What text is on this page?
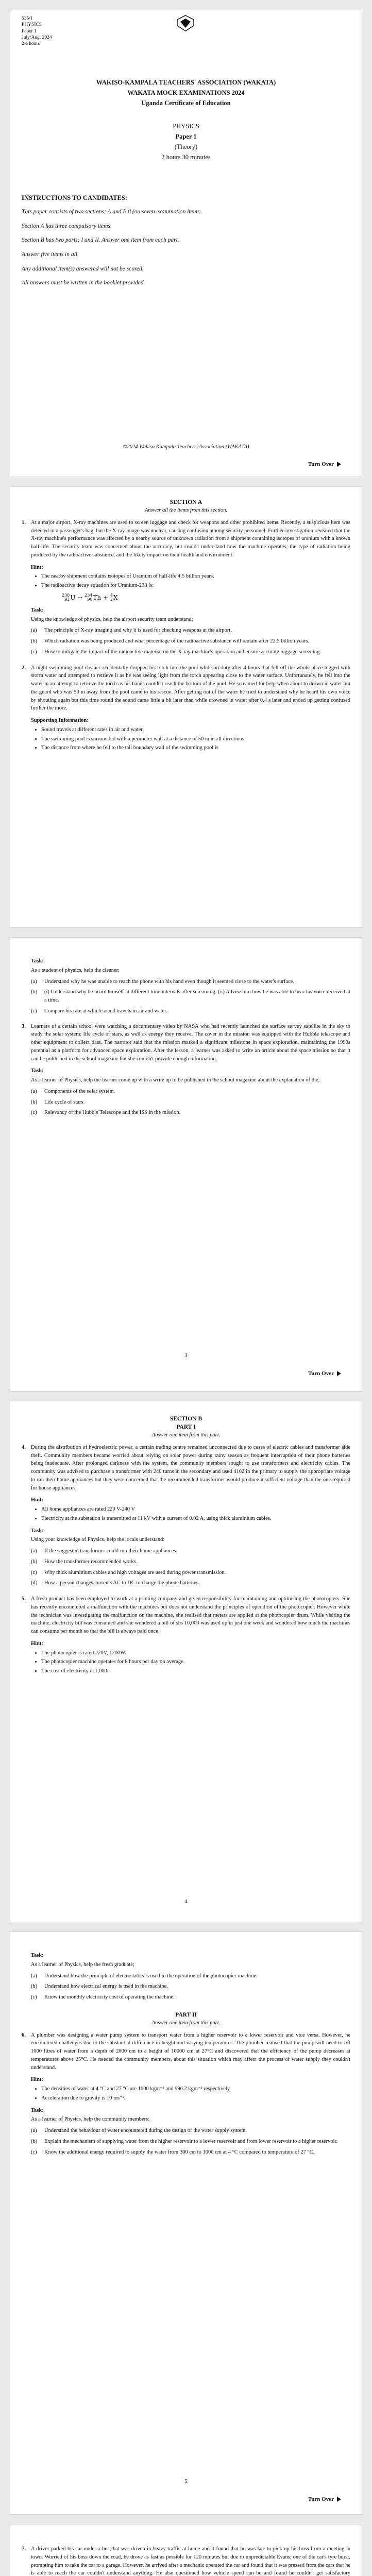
535/1
PHYSICS
Paper 1
July/Aug. 2024
2½ hours
WAKISO-KAMPALA TEACHERS' ASSOCIATION (WAKATA)
WAKATA MOCK EXAMINATIONS 2024
Uganda Certificate of Education
PHYSICS
Paper 1
(Theory)
2 hours 30 minutes
INSTRUCTIONS TO CANDIDATES:
This paper consists of two sections; A and B 8 (ou seven examination items.
Section A has three compulsory items.
Section B has two parts; I and II. Answer one item from each part.
Answer five items in all.
Any additional item(s) answered will not be scored.
All answers must be written in the booklet provided.
©2024 Wakiso Kampala Teachers' Association (WAKATA)
Turn Over
SECTION A
Answer all the items from this section.
1. At a major airport, X-ray machines are used to screen luggage and check for weapons and other prohibited items. Recently, a suspicious item was detected in a passenger's bag, but the X-ray image was unclear, causing confusion among security personnel. Further investigation revealed that the X-ray machine's performance was affected by a nearby source of unknown radiation from a shipment containing isotopes of uranium with a known half-life. The security team was concerned about the accuracy, but could't understand how the machine operates, the type of radiation being produced by the radioactive substance, and the likely impact on their health and environment.

Hint:
• The nearby shipment contains isotopes of Uranium of half-life 4.5 billion years.
• The radioactive decay equation for Uranium-238 is:
238
92 U → 234
90 Th + 4
2 X
Task:

Using the knowledge of physics, help the airport security team understand;

(a)	The principle of X-ray imaging and why it is used for checking weapons at the airport.
(b)	Which radiation was being produced and what percentage of the radioactive substance will remain after 22.5 billion years.
(c)	How to mitigate the impact of the radioactive material on the X-ray machine's operation and ensure accurate luggage screening.
2. A night swimming pool cleaner accidentally dropped his torch into the pool while on duty after 4 hours that fell off the whole place lugged with storm water and attempted to retrieve it as he was seeing light from the torch appearing close to the water surface. Unfortunately, he fell into the water in an attempt to retrieve the torch as his hands couldn't reach the bottom of the pool. He screamed for help when about to drown in water but the guard who was 50 m away from the pool came to his rescue. After getting out of the water he tried to understand why he heard his own voice by shouting again but this time round the sound came little a bit later than while drowned in water after 0.4 s later and ended up getting confused further the more.

Supporting Information:
• Sound travels at different rates in air and water.
• The swimming pool is surrounded with a perimeter wall at a distance of 50 m in all directions.
• The distance from where he fell to the tall boundary wall of the swimming pool is
Task:

As a student of physics, help the cleaner;

(a)	Understand why he was unable to reach the phone with his hand even though it seemed close to the water's surface.
(b)	(i) Understand why he heard himself at different time intervals after screaming. (ii) Advise him how he was able to hear his voice received at a time.
(c)	Compare his rate at which sound travels in air and water.
3. Learners of a certain school were watching a documentary video by NASA who had recently launched the surface survey satellite in the sky to study the solar system; life cycle of stars, as well as energy they receive. The cover in the mission was equipped with the Hubble telescope and other equipment to collect data. The narrator said that the mission marked a significant milestone in space exploration, maintaining the 1990s potential as a platform for advanced space exploration. After the lesson, a learner was asked to write an article about the space mission so that it can be published in the school magazine but she couldn't provide enough information.

Task:

As a learner of Physics, help the learner come up with a write up to be published in the school magazine about the explanation of the;

(a)	Components of the solar system.
(b)	Life cycle of stars.
(c)	Relevancy of the Hubble Telescope and the ISS in the mission.
3
Turn Over
SECTION B
PART I
Answer one item from this part.
4. During the distribution of hydroelectric power, a certain trading centre remained unconnected due to cases of electric cables and transformer side theft. Community members became worried about relying on solar power during rainy season as frequent interruption of their phone batteries being inadequate. After prolonged darkness with the system, the community members sought to use transformers and electricity cables. The community was advised to purchase a transformer with 240 turns in the secondary and used 4102 in the primary to supply the appropriate voltage to run their home appliances but they were concerned that the recommended transformer would produce insufficient voltage than the one required for house appliances.

Hint:
• All home appliances are rated 220 V-240 V
• Electricity at the substation is transmitted at 11 kV with a current of 0.02 A, using thick aluminium cables.
Task:

Using your knowledge of Physics, help the locals understand:

(a)	If the suggested transformer could run their home appliances.
(b)	How the transformer recommended works.
(c)	Why thick aluminium cables and high voltages are used during power transmission.
(d)	How a person changes currents AC to DC to charge the phone batteries.
5. A fresh product has been employed to work at a printing company and given responsibility for maintaining and optimising the photocopiers. She has recently encountered a malfunction with the machines but does not understand the principles of operation of the photocopier. However while the technician was investigating the malfunction on the machine, she realised that meters are applied at the photocopier drum. While visiting the machine, electricity bill was consumed and she wondered a bill of shs 10,000 was used up in just one week and wondered how much the machines can consume per month so that the bill is always paid once.

Hint:
• The photocopier is rated 220V, 1200W.
• The photocopier machine operates for 8 hours per day on average.
• The cost of electricity is 1,000/=
4
Task:

As a learner of Physics, help the fresh graduate;

(a)	Understand how the principle of electrostatics is used in the operation of the photocopier machine.
(b)	Understand how electrical energy is used in the machine.
(c)	Know the monthly electricity cost of operating the machine.
PART II
Answer one item from this part.
6. A plumber was designing a water pump system to transport water from a higher reservoir to a lower reservoir and vice versa. However, he encountered challenges due to the substantial difference in height and varying temperatures. The plumber realised that the pump will need to lift 1000 litres of water from a depth of 2000 cm to a height of 10000 cm at 27°C and discovered that the efficiency of the pump decreases at temperatures above 25°C. He needed the community members, about this situation which may affect the process of water supply they couldn't understand.

Hint:
• The densities of water at 4 °C and 27 °C are 1000 kgm⁻³ and 996.2 kgm⁻³ respectively.
• Acceleration due to gravity is 10 ms⁻².
Task:

As a learner of Physics, help the community members:

(a)	Understand the behaviour of water encountered during the design of the water supply system.
(b)	Explain the mechanism of supplying water from the higher reservoir to a lower reservoir and from lower reservoir to a higher reservoir.
(c)	Know the additional energy required to supply the water from 300 cm to 1000 cm at 4 °C compared to temperature of 27 °C.
5
Turn Over
7. A driver parked his car under a bus that was driven in heavy traffic at home and it found that he was late to pick up his boss from a meeting in town. Worried of his boss down the road, he drove as fast as possible for 120 minutes but due to unpredictable Evans, one of the car's tyre burst, prompting him to take the car to a garage. However, he arrived after a mechanic operated the car and found that it was pressed from the cars that he is able to reach the car couldn't understand anything. He also questioned how vehicle speed can be and found he couldn't get satisfactory
